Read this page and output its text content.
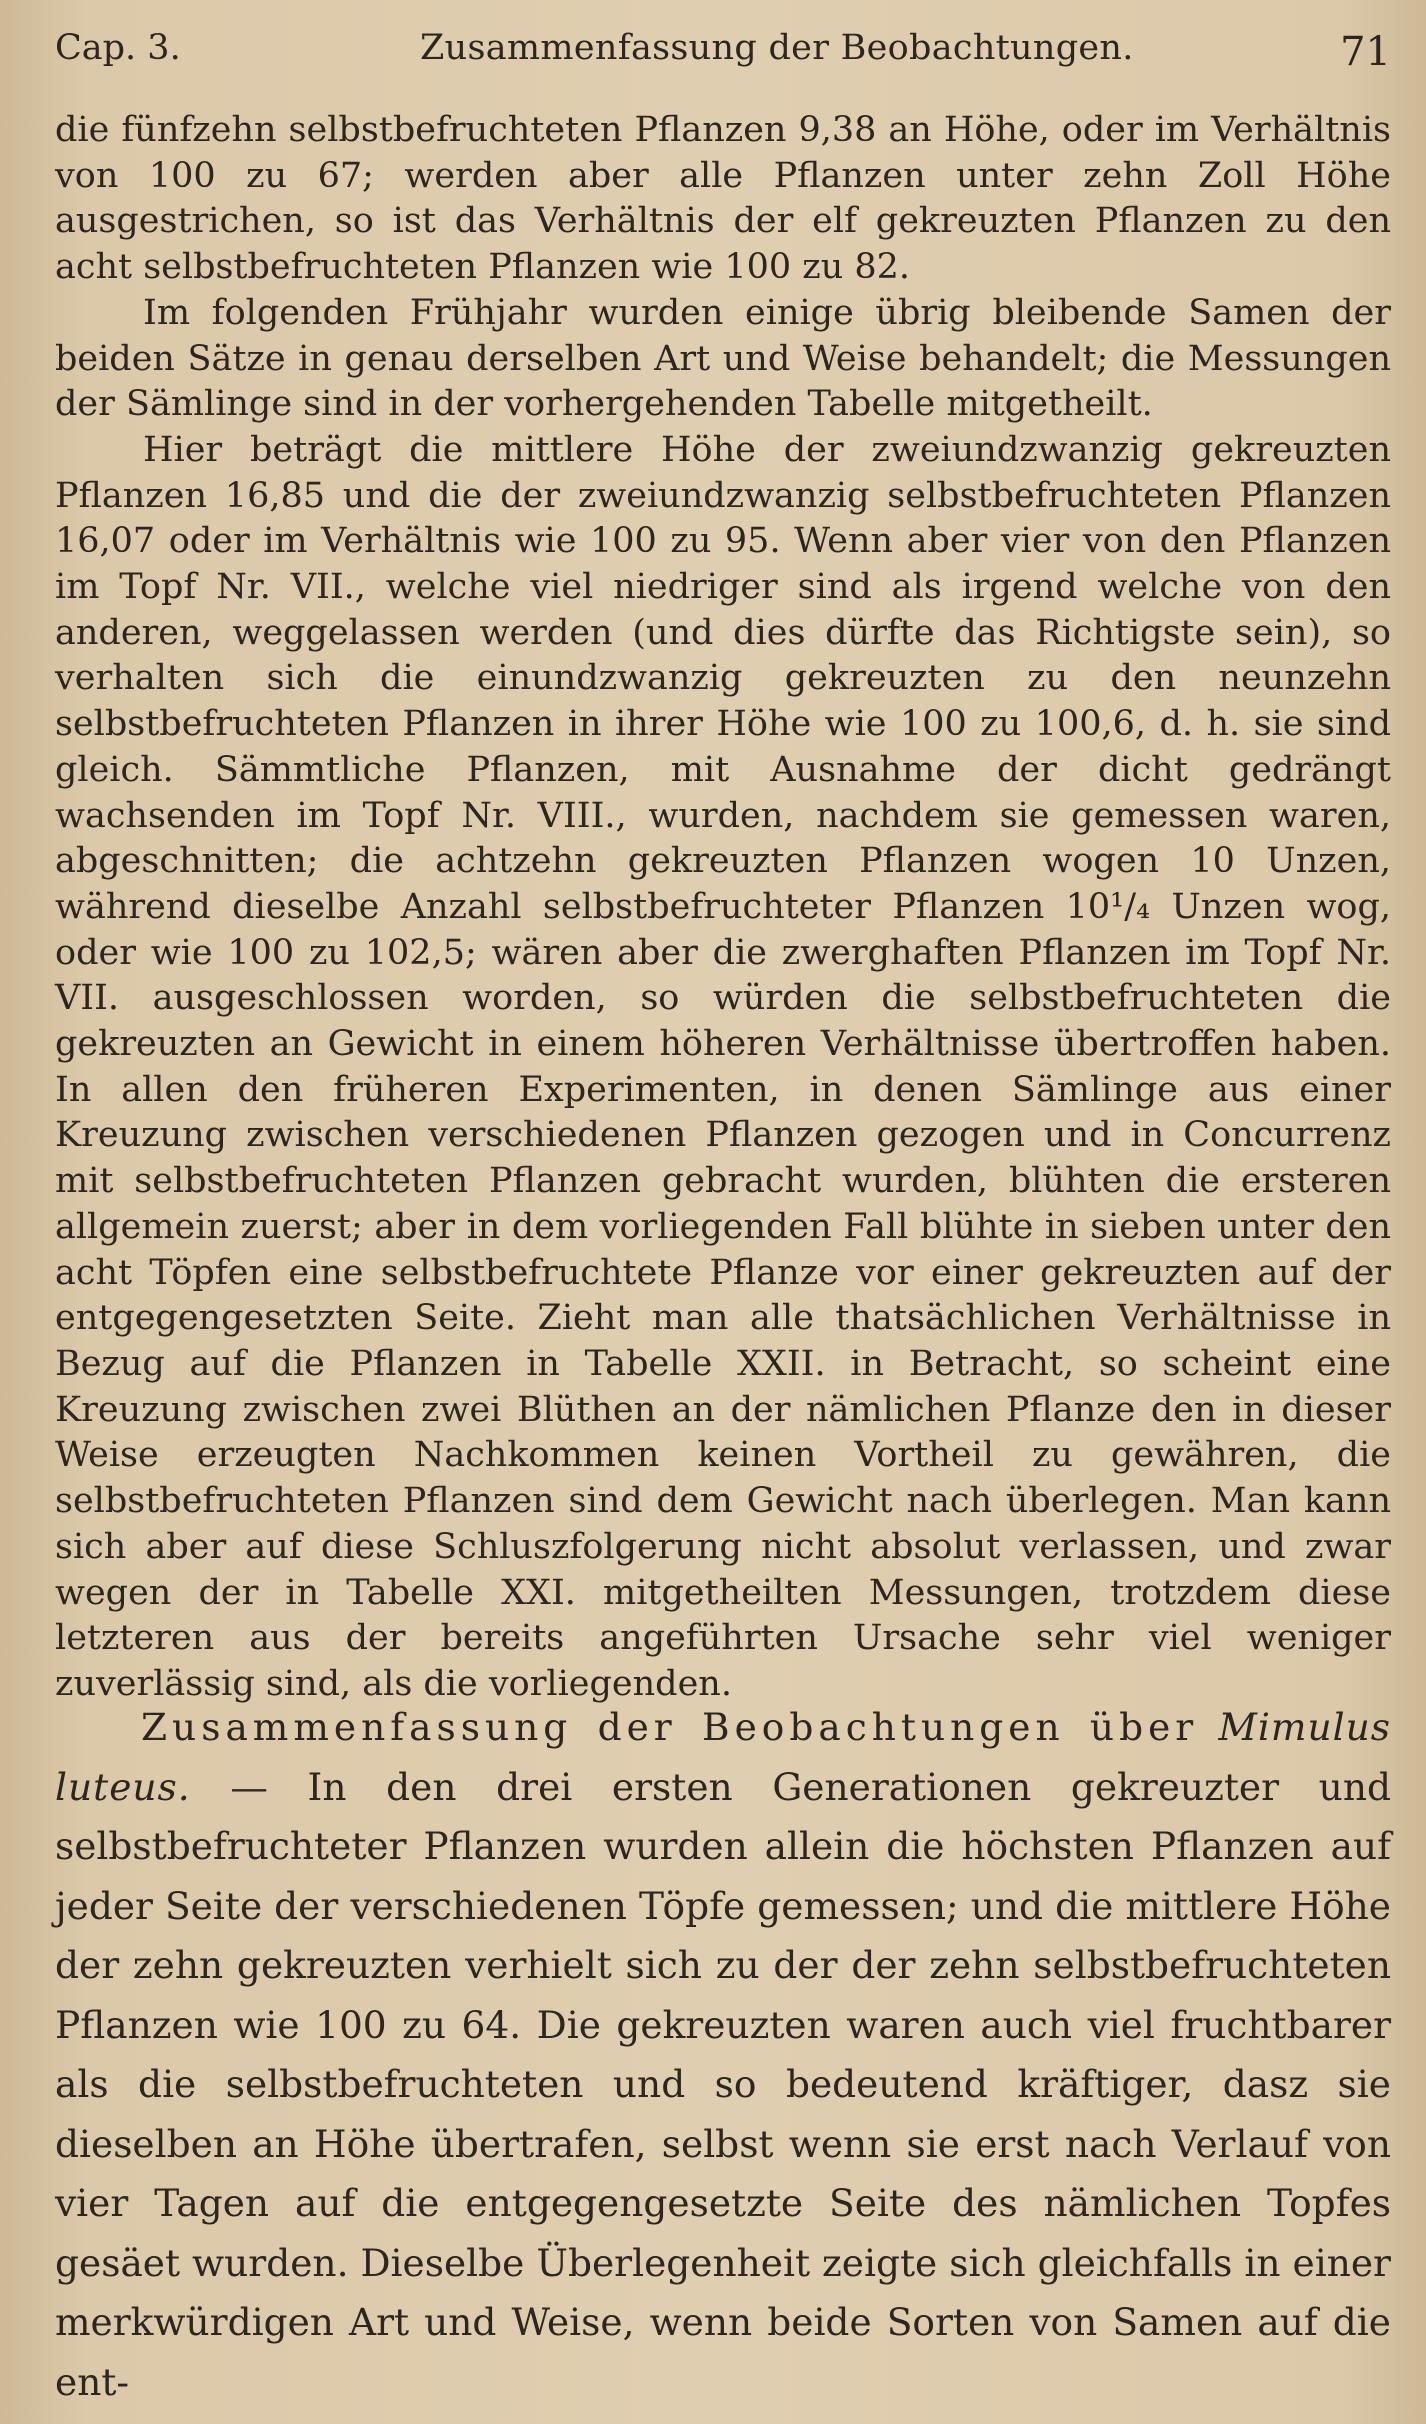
Cap. 3.	Zusammenfassung der Beobachtungen.	71

die fünfzehn selbstbefruchteten Pflanzen 9,38 an Höhe, oder im Verhältnis von 100 zu 67; werden aber alle Pflanzen unter zehn Zoll Höhe ausgestrichen, so ist das Verhältnis der elf gekreuzten Pflanzen zu den acht selbstbefruchteten Pflanzen wie 100 zu 82.

Im folgenden Frühjahr wurden einige übrig bleibende Samen der beiden Sätze in genau derselben Art und Weise behandelt; die Messungen der Sämlinge sind in der vorhergehenden Tabelle mitgetheilt.

Hier beträgt die mittlere Höhe der zweiundzwanzig gekreuzten Pflanzen 16,85 und die der zweiundzwanzig selbstbefruchteten Pflanzen 16,07 oder im Verhältnis wie 100 zu 95. Wenn aber vier von den Pflanzen im Topf Nr. VII., welche viel niedriger sind als irgend welche von den anderen, weggelassen werden (und dies dürfte das Richtigste sein), so verhalten sich die einundzwanzig gekreuzten zu den neunzehn selbstbefruchteten Pflanzen in ihrer Höhe wie 100 zu 100,6, d. h. sie sind gleich. Sämmtliche Pflanzen, mit Ausnahme der dicht gedrängt wachsenden im Topf Nr. VIII., wurden, nachdem sie gemessen waren, abgeschnitten; die achtzehn gekreuzten Pflanzen wogen 10 Unzen, während dieselbe Anzahl selbstbefruchteter Pflanzen 10¹/₄ Unzen wog, oder wie 100 zu 102,5; wären aber die zwerghaften Pflanzen im Topf Nr. VII. ausgeschlossen worden, so würden die selbstbefruchteten die gekreuzten an Gewicht in einem höheren Verhältnisse übertroffen haben. In allen den früheren Experimenten, in denen Sämlinge aus einer Kreuzung zwischen verschiedenen Pflanzen gezogen und in Concurrenz mit selbstbefruchteten Pflanzen gebracht wurden, blühten die ersteren allgemein zuerst; aber in dem vorliegenden Fall blühte in sieben unter den acht Töpfen eine selbstbefruchtete Pflanze vor einer gekreuzten auf der entgegengesetzten Seite. Zieht man alle thatsächlichen Verhältnisse in Bezug auf die Pflanzen in Tabelle XXII. in Betracht, so scheint eine Kreuzung zwischen zwei Blüthen an der nämlichen Pflanze den in dieser Weise erzeugten Nachkommen keinen Vortheil zu gewähren, die selbstbefruchteten Pflanzen sind dem Gewicht nach überlegen. Man kann sich aber auf diese Schluszfolgerung nicht absolut verlassen, und zwar wegen der in Tabelle XXI. mitgetheilten Messungen, trotzdem diese letzteren aus der bereits angeführten Ursache sehr viel weniger zuverlässig sind, als die vorliegenden.

Zusammenfassung der Beobachtungen über Mimulus luteus. — In den drei ersten Generationen gekreuzter und selbstbefruchteter Pflanzen wurden allein die höchsten Pflanzen auf jeder Seite der verschiedenen Töpfe gemessen; und die mittlere Höhe der zehn gekreuzten verhielt sich zu der der zehn selbstbefruchteten Pflanzen wie 100 zu 64. Die gekreuzten waren auch viel fruchtbarer als die selbstbefruchteten und so bedeutend kräftiger, dasz sie dieselben an Höhe übertrafen, selbst wenn sie erst nach Verlauf von vier Tagen auf die entgegengesetzte Seite des nämlichen Topfes gesäet wurden. Dieselbe Überlegenheit zeigte sich gleichfalls in einer merkwürdigen Art und Weise, wenn beide Sorten von Samen auf die ent-
